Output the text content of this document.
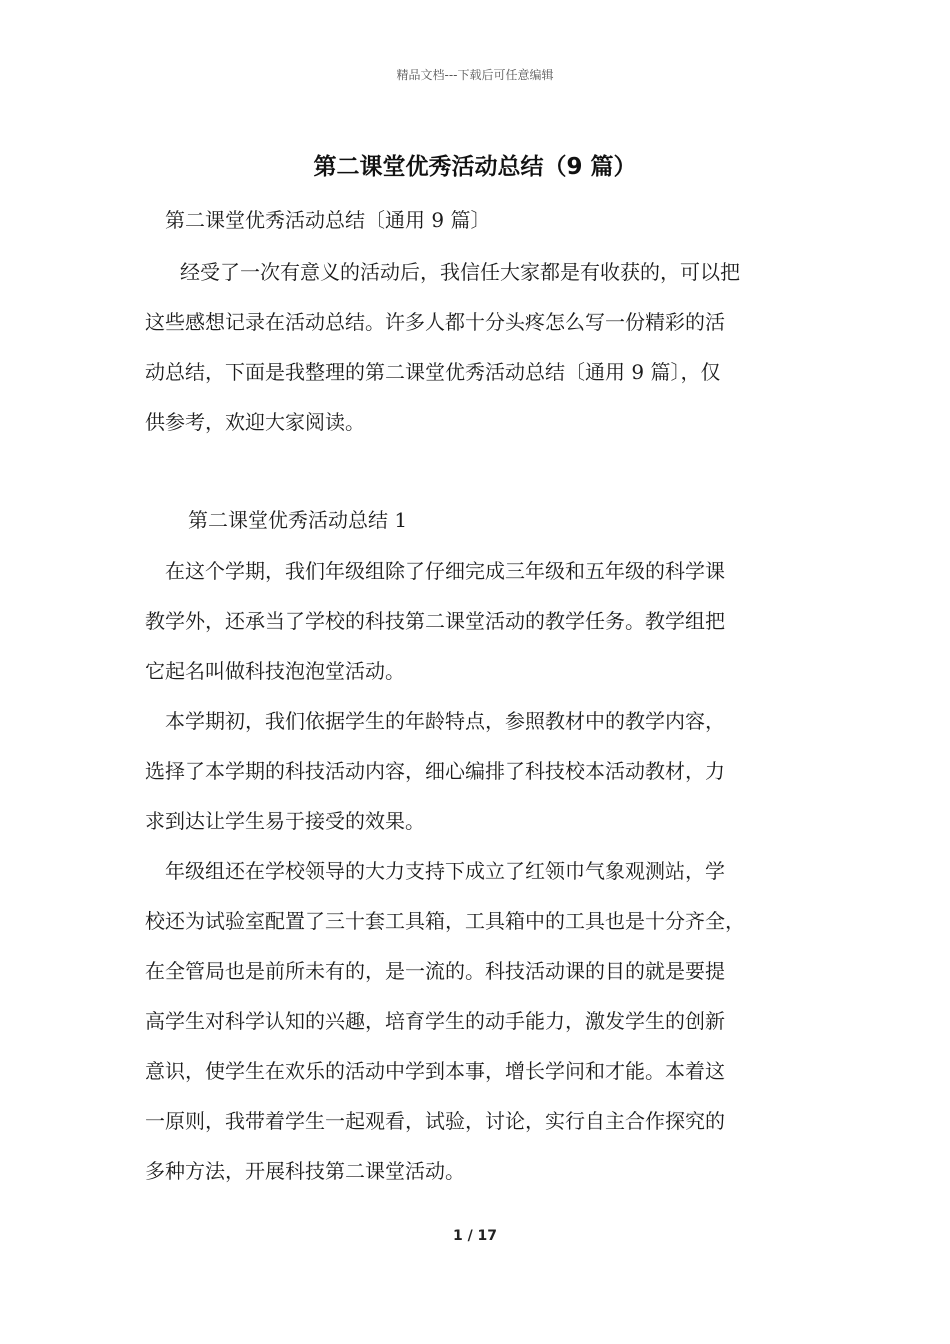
精品文档---下载后可任意编辑
第二课堂优秀活动总结（9 篇）
第二课堂优秀活动总结〔通用 9 篇〕
经受了一次有意义的活动后，我信任大家都是有收获的，可以把
这些感想记录在活动总结。许多人都十分头疼怎么写一份精彩的活
动总结，下面是我整理的第二课堂优秀活动总结〔通用 9 篇〕，仅
供参考，欢迎大家阅读。
第二课堂优秀活动总结 1
在这个学期，我们年级组除了仔细完成三年级和五年级的科学课
教学外，还承当了学校的科技第二课堂活动的教学任务。教学组把
它起名叫做科技泡泡堂活动。
本学期初，我们依据学生的年龄特点，参照教材中的教学内容，
选择了本学期的科技活动内容，细心编排了科技校本活动教材，力
求到达让学生易于接受的效果。
年级组还在学校领导的大力支持下成立了红领巾气象观测站，学
校还为试验室配置了三十套工具箱，工具箱中的工具也是十分齐全，
在全管局也是前所未有的，是一流的。科技活动课的目的就是要提
高学生对科学认知的兴趣，培育学生的动手能力，激发学生的创新
意识，使学生在欢乐的活动中学到本事，增长学问和才能。本着这
一原则，我带着学生一起观看，试验，讨论，实行自主合作探究的
多种方法，开展科技第二课堂活动。
1 / 17
